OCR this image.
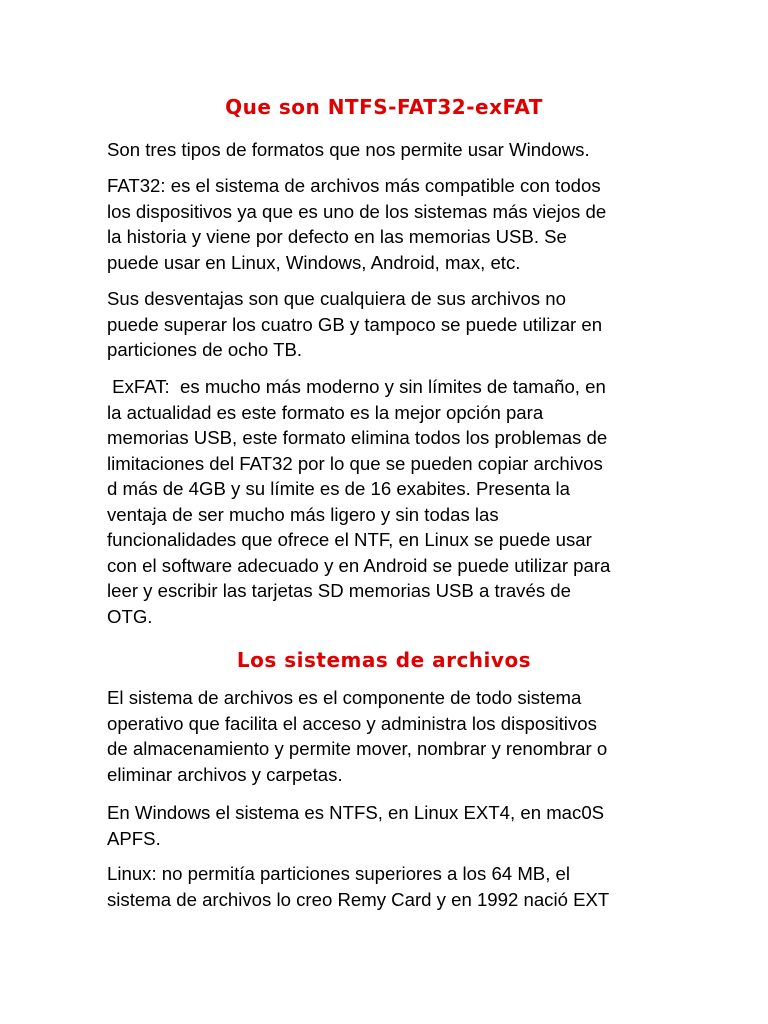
Que son NTFS-FAT32-exFAT

Son tres tipos de formatos que nos permite usar Windows.

FAT32: es el sistema de archivos más compatible con todos
los dispositivos ya que es uno de los sistemas más viejos de
la historia y viene por defecto en las memorias USB. Se
puede usar en Linux, Windows, Android, max, etc.

Sus desventajas son que cualquiera de sus archivos no
puede superar los cuatro GB y tampoco se puede utilizar en
particiones de ocho TB.

ExFAT:  es mucho más moderno y sin límites de tamaño, en
la actualidad es este formato es la mejor opción para
memorias USB, este formato elimina todos los problemas de
limitaciones del FAT32 por lo que se pueden copiar archivos
d más de 4GB y su límite es de 16 exabites. Presenta la
ventaja de ser mucho más ligero y sin todas las
funcionalidades que ofrece el NTF, en Linux se puede usar
con el software adecuado y en Android se puede utilizar para
leer y escribir las tarjetas SD memorias USB a través de
OTG.

Los sistemas de archivos

El sistema de archivos es el componente de todo sistema
operativo que facilita el acceso y administra los dispositivos
de almacenamiento y permite mover, nombrar y renombrar o
eliminar archivos y carpetas.

En Windows el sistema es NTFS, en Linux EXT4, en mac0S
APFS.

Linux: no permitía particiones superiores a los 64 MB, el
sistema de archivos lo creo Remy Card y en 1992 nació EXT
